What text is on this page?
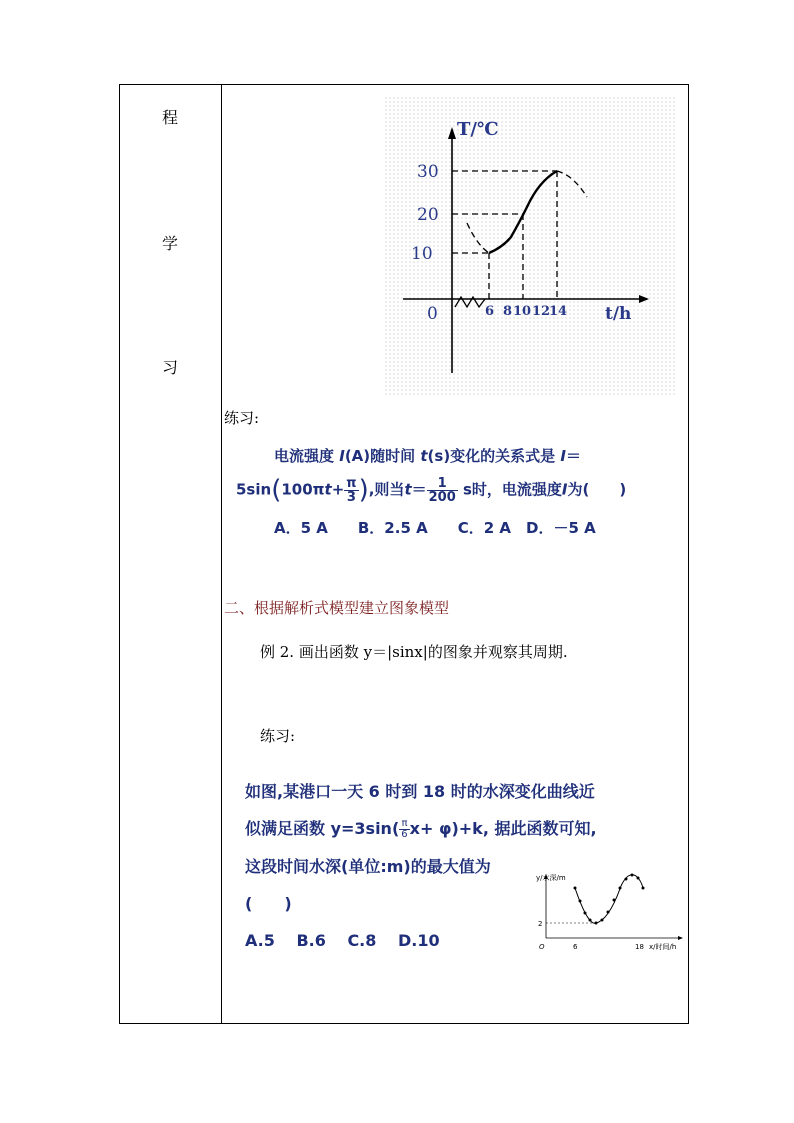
程
学
习
T/℃
t/h
30
20
10
0	6 8 10 12
14
练习:
电流强度 I(A)随时间 t(s)变化的关系式是 I＝
$5\sin(100\pi t+ \frac{\pi}{3}$ ),则当$t= \frac{1}{200}$ s时，电流强度I为(　　)
A．5 A　　B．2.5 A　　C．2 A　D．－5 A
二、根据解析式模型建立图象模型
例 2. 画出函数 y＝|sinx|的图象并观察其周期.
练习:
如图,某港口一天 6 时到 18 时的水深变化曲线近
似满足函数 $y=3\sin( \frac{\pi}{6} x+ \varphi)+k$, 据此函数可知,
这段时间水深(单位:m)的最大值为
(　　)
A.5　 B.6　 C.8　 D.10
y/水深/m
2
O	6	18 x/时间/h
